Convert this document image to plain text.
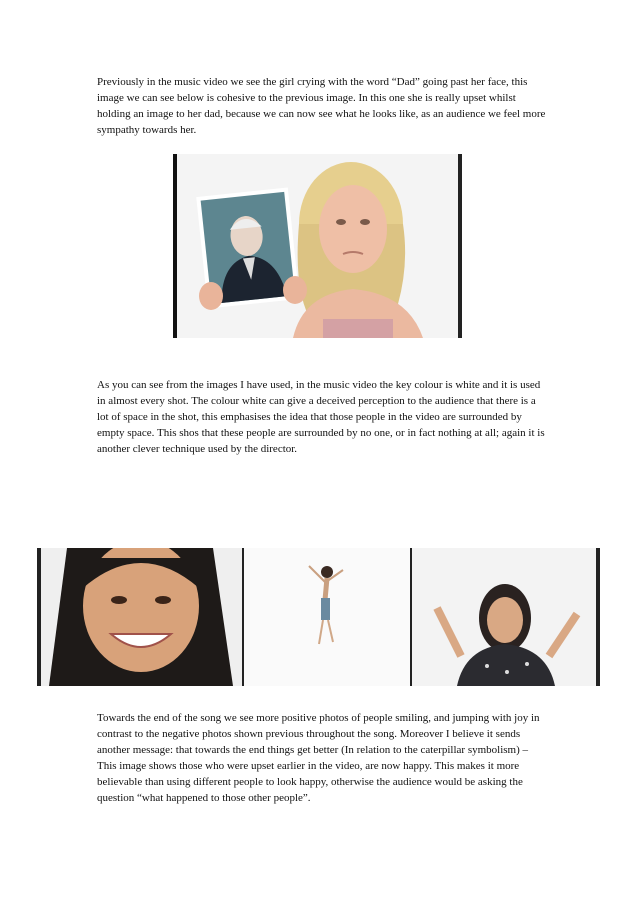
Previously in the music video we see the girl crying with the word “Dad” going past her face, this image we can see below is cohesive to the previous image. In this one she is really upset whilst holding an image to her dad, because we can now see what he looks like, as an audience we feel more sympathy towards her.

As you can see from the images I have used, in the music video the key colour is white and it is used in almost every shot. The colour white can give a deceived perception to the audience that there is a lot of space in the shot, this emphasises the idea that those people in the video are surrounded by empty space. This shos that these people are surrounded by no one, or in fact nothing at all; again it is another clever technique used by the director.

Towards the end of the song we see more positive photos of people smiling, and jumping with joy in contrast to the negative photos shown previous throughout the song. Moreover I believe it sends another message: that towards the end things get better (In relation to the caterpillar symbolism) – This image shows those who were upset earlier in the video, are now happy. This makes it more believable than using different people to look happy, otherwise the audience would be asking the question “what happened to those other people”.
